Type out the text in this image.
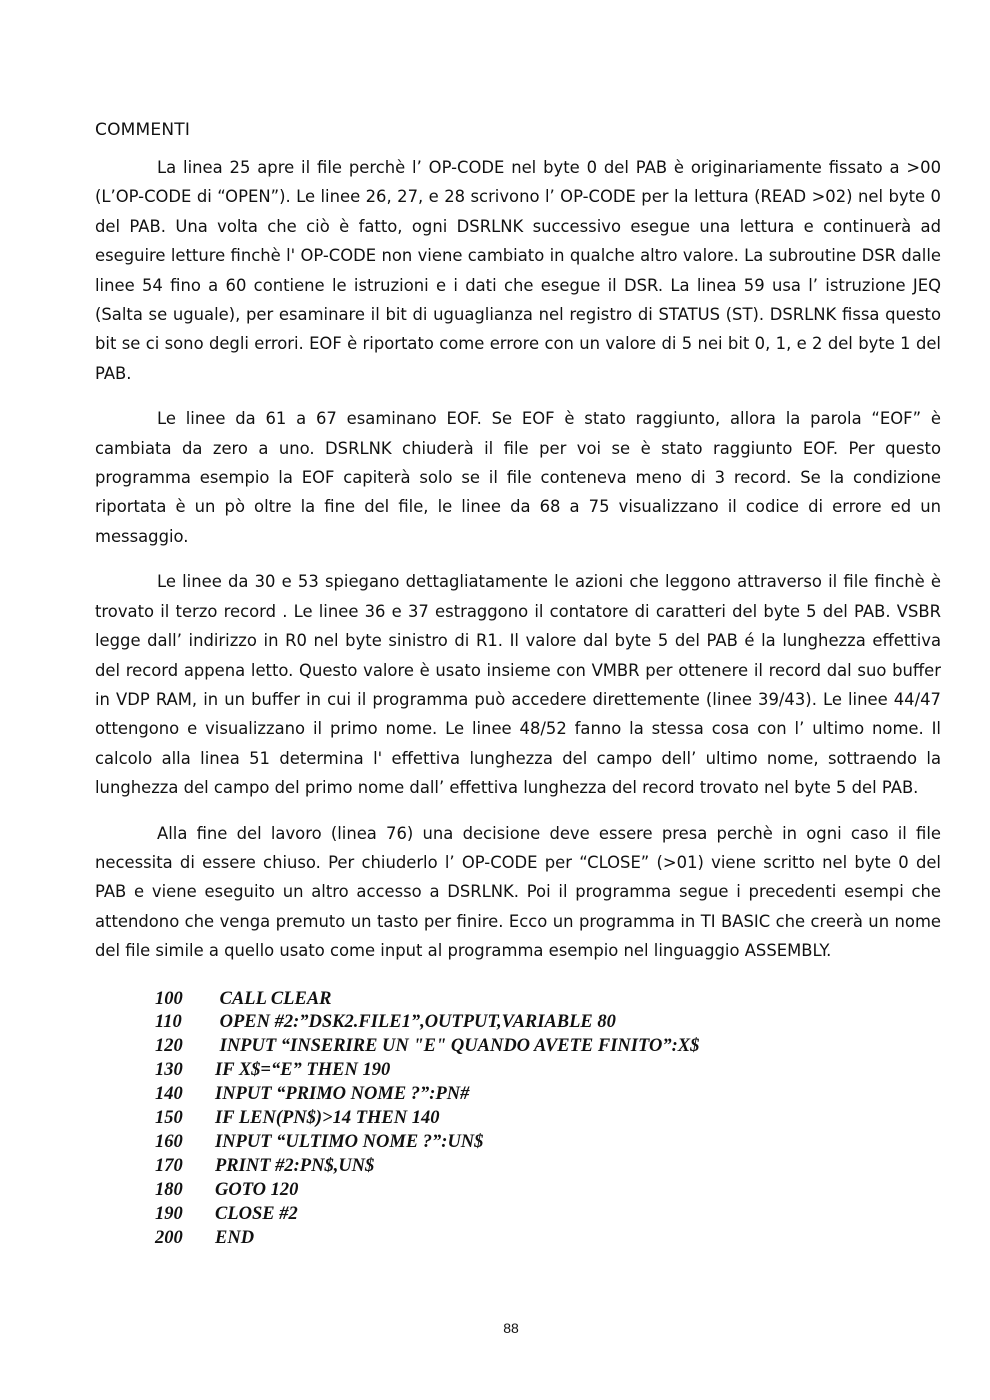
COMMENTI

La linea 25 apre il file perchè l’ OP-CODE nel byte 0 del PAB è originariamente fissato a >00 (L’OP-CODE di “OPEN”). Le linee 26, 27, e 28 scrivono l’ OP-CODE per la lettura (READ >02) nel byte 0 del PAB. Una volta che ciò è fatto, ogni DSRLNK successivo esegue una lettura e continuerà ad eseguire letture finchè l' OP-CODE non viene cambiato in qualche altro valore. La subroutine DSR dalle linee 54 fino a 60 contiene le istruzioni e i dati che esegue il DSR. La linea 59 usa l’ istruzione JEQ (Salta se uguale), per esaminare il bit di uguaglianza nel registro di STATUS (ST). DSRLNK fissa questo bit se ci sono degli errori. EOF è riportato come errore con un valore di 5 nei bit 0, 1, e 2 del byte 1 del PAB.

Le linee da 61 a 67 esaminano EOF. Se EOF è stato raggiunto, allora la parola “EOF” è cambiata da zero a uno. DSRLNK chiuderà il file per voi se è stato raggiunto EOF. Per questo programma esempio la EOF capiterà solo se il file conteneva meno di 3 record. Se la condizione riportata è un pò oltre la fine del file, le linee da 68 a 75 visualizzano il codice di errore ed un messaggio.

Le linee da 30 e 53 spiegano dettagliatamente le azioni che leggono attraverso il file finchè è trovato il terzo record . Le linee 36 e 37 estraggono il contatore di caratteri del byte 5 del PAB. VSBR legge dall’ indirizzo in R0 nel byte sinistro di R1. Il valore dal byte 5 del PAB é la lunghezza effettiva del record appena letto. Questo valore è usato insieme con VMBR per ottenere il record dal suo buffer in VDP RAM, in un buffer in cui il programma può accedere direttemente (linee 39/43). Le linee 44/47 ottengono e visualizzano il primo nome. Le linee 48/52 fanno la stessa cosa con l’ ultimo nome. Il calcolo alla linea 51 determina l' effettiva lunghezza del campo dell’ ultimo nome, sottraendo la lunghezza del campo del primo nome dall’ effettiva lunghezza del record trovato nel byte 5 del PAB.

Alla fine del lavoro (linea 76) una decisione deve essere presa perchè in ogni caso il file necessita di essere chiuso. Per chiuderlo l’ OP-CODE per “CLOSE” (>01) viene scritto nel byte 0 del PAB e viene eseguito un altro accesso a DSRLNK. Poi il programma segue i precedenti esempi che attendono che venga premuto un tasto per finire. Ecco un programma in TI BASIC che creerà un nome del file simile a quello usato come input al programma esempio nel linguaggio ASSEMBLY.

100	CALL CLEAR
110	OPEN #2:”DSK2.FILE1”,OUTPUT,VARIABLE 80
120	INPUT “INSERIRE UN "E" QUANDO AVETE FINITO”:X$
130	IF X$=“E” THEN 190
140	INPUT “PRIMO NOME ?”:PN#
150	IF LEN(PN$)>14 THEN 140
160	INPUT “ULTIMO NOME ?”:UN$
170	PRINT #2:PN$,UN$
180	GOTO 120
190	CLOSE #2
200	END
88
